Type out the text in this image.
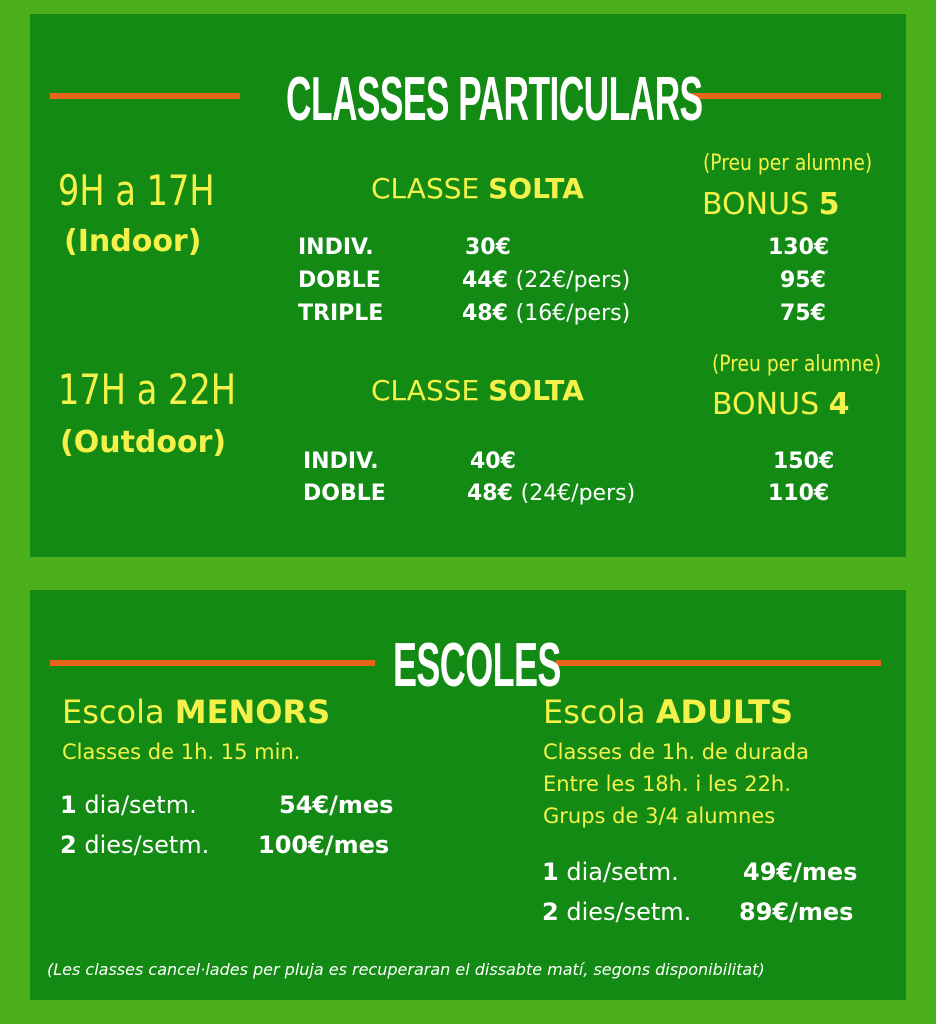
CLASSES PARTICULARS
9H a 17H
(Indoor)
CLASSE SOLTA
(Preu per alumne)
BONUS 5
INDIV.	30€	130€
DOBLE	44€ (22€/pers)	95€
TRIPLE	48€ (16€/pers)	75€
17H a 22H
(Outdoor)
CLASSE SOLTA
(Preu per alumne)
BONUS 4
INDIV.	40€	150€
DOBLE	48€ (24€/pers)	110€
ESCOLES
Escola MENORS
Classes de 1h. 15 min.
1 dia/setm.	54€/mes
2 dies/setm. 100€/mes
Escola ADULTS
Classes de 1h. de durada
Entre les 18h. i les 22h.
Grups de 3/4 alumnes
1 dia/setm.	49€/mes
2 dies/setm. 89€/mes
(Les classes cancel·lades per pluja es recuperaran el dissabte matí, segons disponibilitat)
